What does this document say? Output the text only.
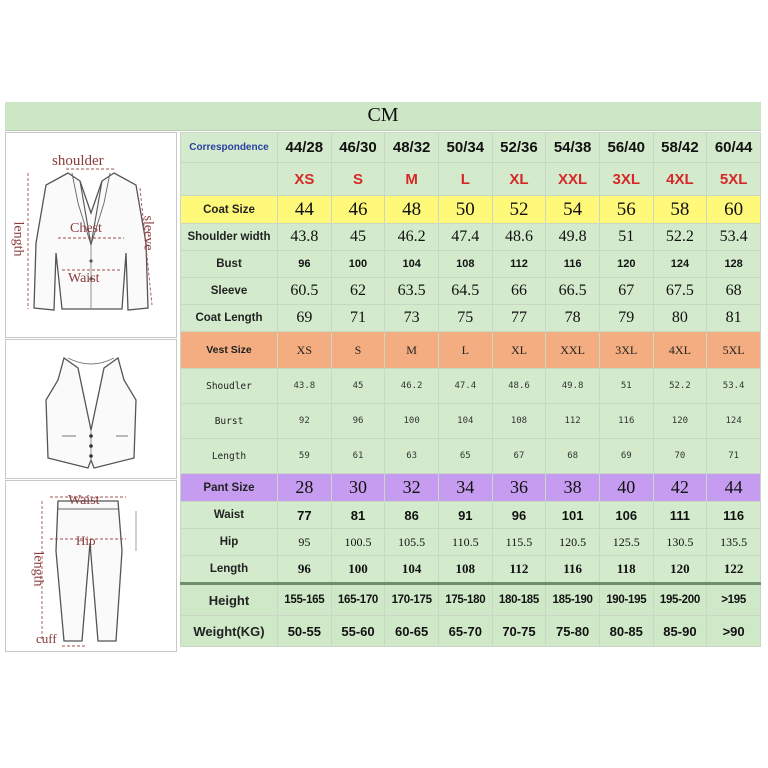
CM
shoulder
length	sleeve
Chest
Waist
Waist
length
Hip
cuff
Correspondence	44/28	46/30	48/32	50/34	52/36	54/38	56/40	58/42	60/44
	XS	S	M	L	XL	XXL	3XL	4XL	5XL
Coat Size	44	46	48	50	52	54	56	58	60
Shoulder width	43.8	45	46.2	47.4	48.6	49.8	51	52.2	53.4
Bust	96	100	104	108	112	116	120	124	128
Sleeve	60.5	62	63.5	64.5	66	66.5	67	67.5	68
Coat Length	69	71	73	75	77	78	79	80	81
Vest Size	XS	S	M	L	XL	XXL	3XL	4XL	5XL
Shoudler	43.8	45	46.2	47.4	48.6	49.8	51	52.2	53.4
Burst	92	96	100	104	108	112	116	120	124
Length	59	61	63	65	67	68	69	70	71
Pant Size	28	30	32	34	36	38	40	42	44
Waist	77	81	86	91	96	101	106	111	116
Hip	95	100.5	105.5	110.5	115.5	120.5	125.5	130.5	135.5
Length	96	100	104	108	112	116	118	120	122
Height	155-165	165-170	170-175	175-180	180-185	185-190	190-195	195-200	>195
Weight(KG)	50-55	55-60	60-65	65-70	70-75	75-80	80-85	85-90	>90
